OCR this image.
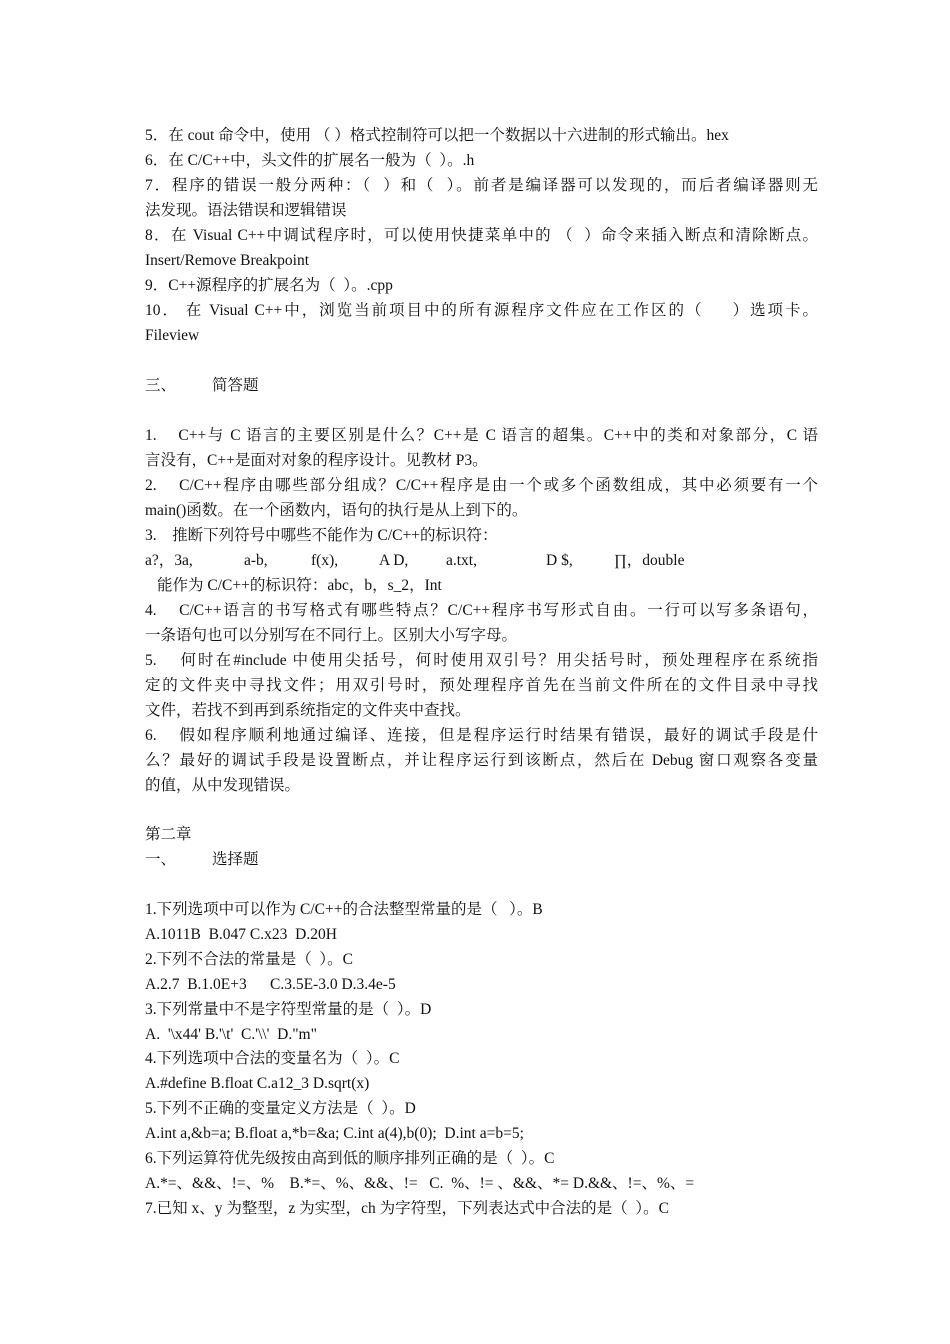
5．在 cout 命令中，使用 （ ）格式控制符可以把一个数据以十六进制的形式输出。hex
6．在 C/C++中，头文件的扩展名一般为（  ）。.h
7．程序的错误一般分两种：（  ）和（  ）。前者是编译器可以发现的，而后者编译器则无
法发现。语法错误和逻辑错误
8．在 Visual C++中调试程序时，可以使用快捷菜单中的 （  ）命令来插入断点和清除断点。
Insert/Remove Breakpoint
9．C++源程序的扩展名为（  ）。.cpp
10． 在 Visual C++中，浏览当前项目中的所有源程序文件应在工作区的（     ）选项卡。
Fileview
三、 简答题
1.    C++与 C 语言的主要区别是什么？C++是 C 语言的超集。C++中的类和对象部分，C 语
言没有，C++是面对对象的程序设计。见教材 P3。
2.    C/C++程序由哪些部分组成？C/C++程序是由一个或多个函数组成，其中必须要有一个
main()函数。在一个函数内，语句的执行是从上到下的。
3.    推断下列符号中哪些不能作为 C/C++的标识符：
a?，3a,	a-b,	f(x),	A D, a.txt,	D $,	∏，double
能作为 C/C++的标识符：abc，b，s_2，Int
4.    C/C++语言的书写格式有哪些特点？C/C++程序书写形式自由。一行可以写多条语句，
一条语句也可以分别写在不同行上。区别大小写字母。
5.    何时在#include 中使用尖括号，何时使用双引号？用尖括号时，预处理程序在系统指
定的文件夹中寻找文件；用双引号时，预处理程序首先在当前文件所在的文件目录中寻找
文件，若找不到再到系统指定的文件夹中查找。
6.    假如程序顺利地通过编译、连接，但是程序运行时结果有错误，最好的调试手段是什
么？最好的调试手段是设置断点，并让程序运行到该断点，然后在 Debug 窗口观察各变量
的值，从中发现错误。
第二章
一、 选择题
1.下列选项中可以作为 C/C++的合法整型常量的是（   ）。B
A.1011B  B.047 C.x23  D.20H
2.下列不合法的常量是（  ）。C
A.2.7  B.1.0E+3      C.3.5E-3.0 D.3.4e-5
3.下列常量中不是字符型常量的是（  ）。D
A.  '\x44' B.'\t'  C.'\\'  D."m"
4.下列选项中合法的变量名为（  ）。C
A.#define B.float C.a12_3 D.sqrt(x)
5.下列不正确的变量定义方法是（  ）。D
A.int a,&b=a; B.float a,*b=&a; C.int a(4),b(0);  D.int a=b=5;
6.下列运算符优先级按由高到低的顺序排列正确的是（  ）。C
A.*=、&&、!=、%    B.*=、%、&&、!=   C.  %、!= 、&&、*= D.&&、!=、%、=
7.已知 x、y 为整型，z 为实型，ch 为字符型，下列表达式中合法的是（  ）。C
